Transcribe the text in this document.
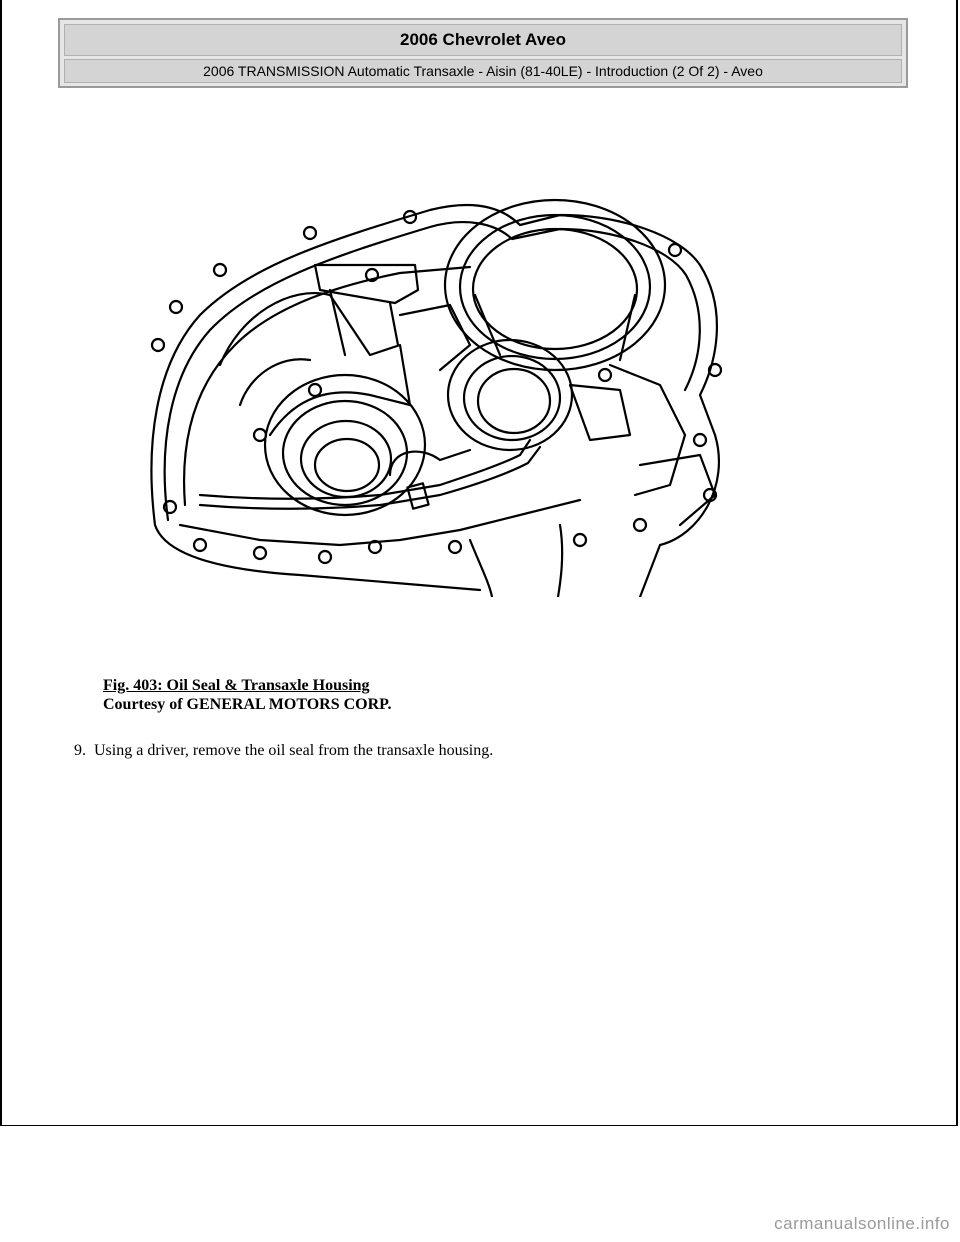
2006 Chevrolet Aveo
2006 TRANSMISSION Automatic Transaxle - Aisin (81-40LE) - Introduction (2 Of 2) - Aveo
Fig. 403: Oil Seal & Transaxle Housing
Courtesy of GENERAL MOTORS CORP.
9. Using a driver, remove the oil seal from the transaxle housing.
carmanualsonline.info
